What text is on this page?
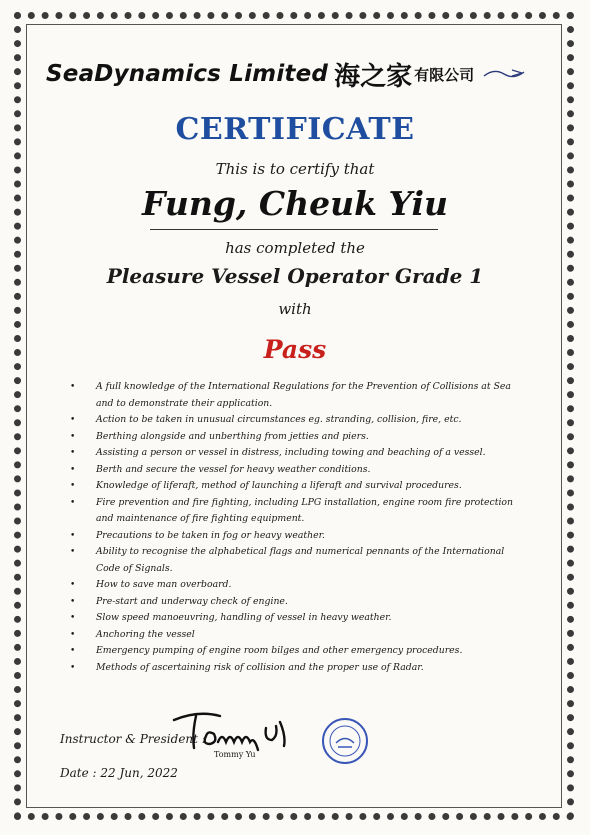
SeaDynamics Limited 海之家 有限公司
CERTIFICATE
This is to certify that
Fung, Cheuk Yiu
has completed the
Pleasure Vessel Operator Grade 1
with
Pass
• A full knowledge of the International Regulations for the Prevention of Collisions at Sea and to demonstrate their application.
• Action to be taken in unusual circumstances eg. stranding, collision, fire, etc.
• Berthing alongside and unberthing from jetties and piers.
• Assisting a person or vessel in distress, including towing and beaching of a vessel.
• Berth and secure the vessel for heavy weather conditions.
• Knowledge of liferaft, method of launching a liferaft and survival procedures.
• Fire prevention and fire fighting, including LPG installation, engine room fire protection and maintenance of fire fighting equipment.
• Precautions to be taken in fog or heavy weather.
• Ability to recognise the alphabetical flags and numerical pennants of the International Code of Signals.
• How to save man overboard.
• Pre-start and underway check of engine.
• Slow speed manoeuvring, handling of vessel in heavy weather.
• Anchoring the vessel
• Emergency pumping of engine room bilges and other emergency procedures.
• Methods of ascertaining risk of collision and the proper use of Radar.
Instructor & President :
Tommy Yu
Date : 22 Jun, 2022
